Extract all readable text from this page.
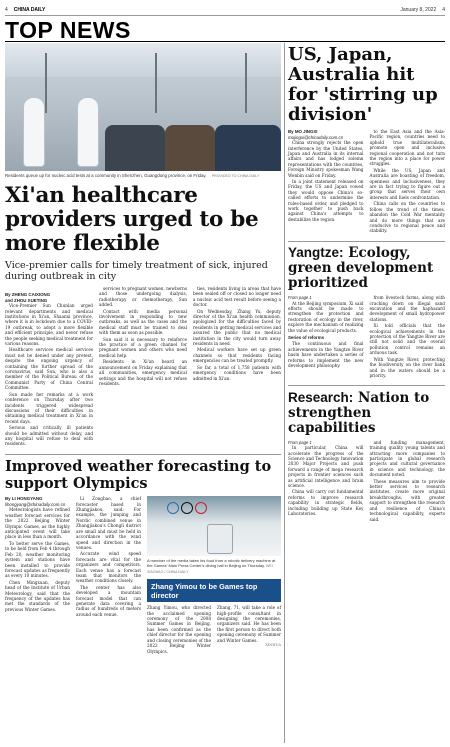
4 CHINA DAILY	January 8, 2022 4
TOP NEWS
Residents queue up for nucleic acid tests at a community in Shenzhen, Guangdong province, on Friday. PROVIDED TO CHINA DAILY
Xi'an healthcare providers urged to be more flexible
Vice-premier calls for timely treatment of sick, injured during outbreak in city
By ZHENG CAIXIONG
and ZHOU XUETING

Vice-Premier Sun Chunlan urged relevant departments and medical institutions in Xi'an, Shaanxi province, where it is in lockdown due to a COVID-19 outbreak, to adopt a more flexible and efficient principle, and never refuse the people seeking medical treatment for various reasons.

Healthcare services medical services must not be denied under any pretext, despite the ongoing urgency of containing the further spread of the coronavirus, said Sun, who is also a member of the Political Bureau of the Communist Party of China Central Committee.

Sun made her remarks at a work conference on Thursday after two incidents triggered widespread discussions of their difficulties in obtaining medical treatment in Xi'an in recent days.

Serious and critically ill patients should be admitted without delay, and any hospital will refuse to deal with residents.

services to pregnant women, newborns and those undergoing dialysis, radiotherapy or chemotherapy, Sun added.

Contact with media personal involvement in responding to new outbreaks, as well as the cases and the medical staff must be trained to deal with them as soon as possible.

Sun said it is necessary to reinforce the practice of a green channel for pregnant women and others who need medical help.

Residents in Xi'an heard an announcement on Friday explaining that all communities, emergency medical settings and the hospital will not refuse residents.

ties, residents living in areas that have been sealed off or closed no longer need a nucleic acid test result before seeing a doctor.

On Wednesday, Zhang Yu, deputy director of the Xi'an health commission, apologized for the difficulties faced by residents in getting medical services and assured the public that no medical institution in the city would turn away residents in need.

Medical workers have set up green channels so that residents facing emergencies can be treated promptly.

So far, a total of 1,758 patients with emergency conditions have been admitted in Xi'an.

Improved weather forecasting to support Olympics
By LI HONGYANG
lihongyang@chinadaily.com.cn

Meteorologists have refined weather forecast services for the 2022 Beijing Winter Olympic Games, as the highly anticipated event will take place in less than a month.

To better serve the Games, to be held from Feb 4 through Feb 20, weather monitoring system and stations have been installed to provide forecast updates as frequently as every 10 minutes.

Chen Mingxuan, deputy head of the Institute of Urban Meteorology, said that the frequency of the updates has met the standards of the previous Winter Games.

Li Zongbao, a chief forecaster based in Zhangjiakou, said: For example, the jumping and Nordic combined venue in Zhangjiakou's Chongli district are small and must be held in accordance with the wind speed and direction in the venues.

Accurate wind speed forecasts are vital for the organizers and competitors. Each venue has a forecast team that monitors the weather conditions closely.

The center has also developed a mountain forecast model that can generate data covering a radius of hundreds of meters around each venue.

A member of the media takes his food from a robotic delivery machine at the Games' Main Press Center's dining hall in Beijing on Thursday. WEI XIAOHAO / CHINA DAILY
Zhang Yimou to be Games top director
Zhang Yimou, who directed the acclaimed opening ceremony of the 2008 Summer Games in Beijing, has been confirmed as the chief director for the opening and closing ceremonies of the 2022 Beijing Winter Olympics.
Zhang, 71, will take a role of high-profile consultant in designing the ceremonies, organizers said. He has been the first person to direct both opening ceremony of Summer and Winter Games.
XINHUA
US, Japan, Australia hit for 'stirring up division'
By MO JINGXI
mojingxi@chinadaily.com.cn

China strongly rejects the open interference by the United States, Japan and Australia in its internal affairs and has lodged solemn representations with the countries, Foreign Ministry spokesman Wang Wenbin said on Friday.

In a joint statement released on Friday, the US and Japan vowed they would oppose China's so-called efforts to undermine the rules-based order, and pledged to work together to push back against China's attempts to destabilize the region.

to the East Asia and the Asia-Pacific region, countries need to uphold true multilateralism, promote open and inclusive regional cooperation and not turn the region into a place for power struggles.

While the US, Japan and Australia are boasting of freedom, openness and inclusiveness, they are in fact trying to figure out a group that serves their own interests and fuels confrontation.

China calls on the countries to follow the trend of the times, abandon the Cold War mentality and do more things that are conducive to regional peace and stability.

Yangtze: Ecology, green development prioritized
From page 1

At the Beijing symposium, Xi said efforts should be made to strengthen the protection and restoration of ecology in the river, explore the mechanism of realizing the value of ecological products.

Series of reforms

The continuous and final achievements in the Yangtze River basin have undertaken a series of reforms to implement the new development philosophy.

from livestock farms, along with cracking down on illegal sand excavation and the haphazard development of small hydropower stations.

Xi told officials that the ecological achievements in the protection of the Yangtze River are still not solid and the overall pollution control remains an arduous task.

With Yangtze River, protecting the biodiversity on the river bank and in the waters should be a priority.

Research: Nation to strengthen capabilities
From page 1

In particular, China will accelerate the progress of the Science and Technology Innovation 2030 Major Projects and push forward a range of mega research projects in frontier sciences such as artificial intelligence and brain science.

China will carry out fundamental reforms to improve research capability in strategic fields, including building up State Key Laboratories.

and funding management, training quality young talents and attracting more companies to participate in global research projects and cultural governance in science and technology, the document noted.

These measures aim to provide better services to research institutes, create more original breakthroughs, with greater support to strengthen the research and resilience of China's technological capability, experts said.
